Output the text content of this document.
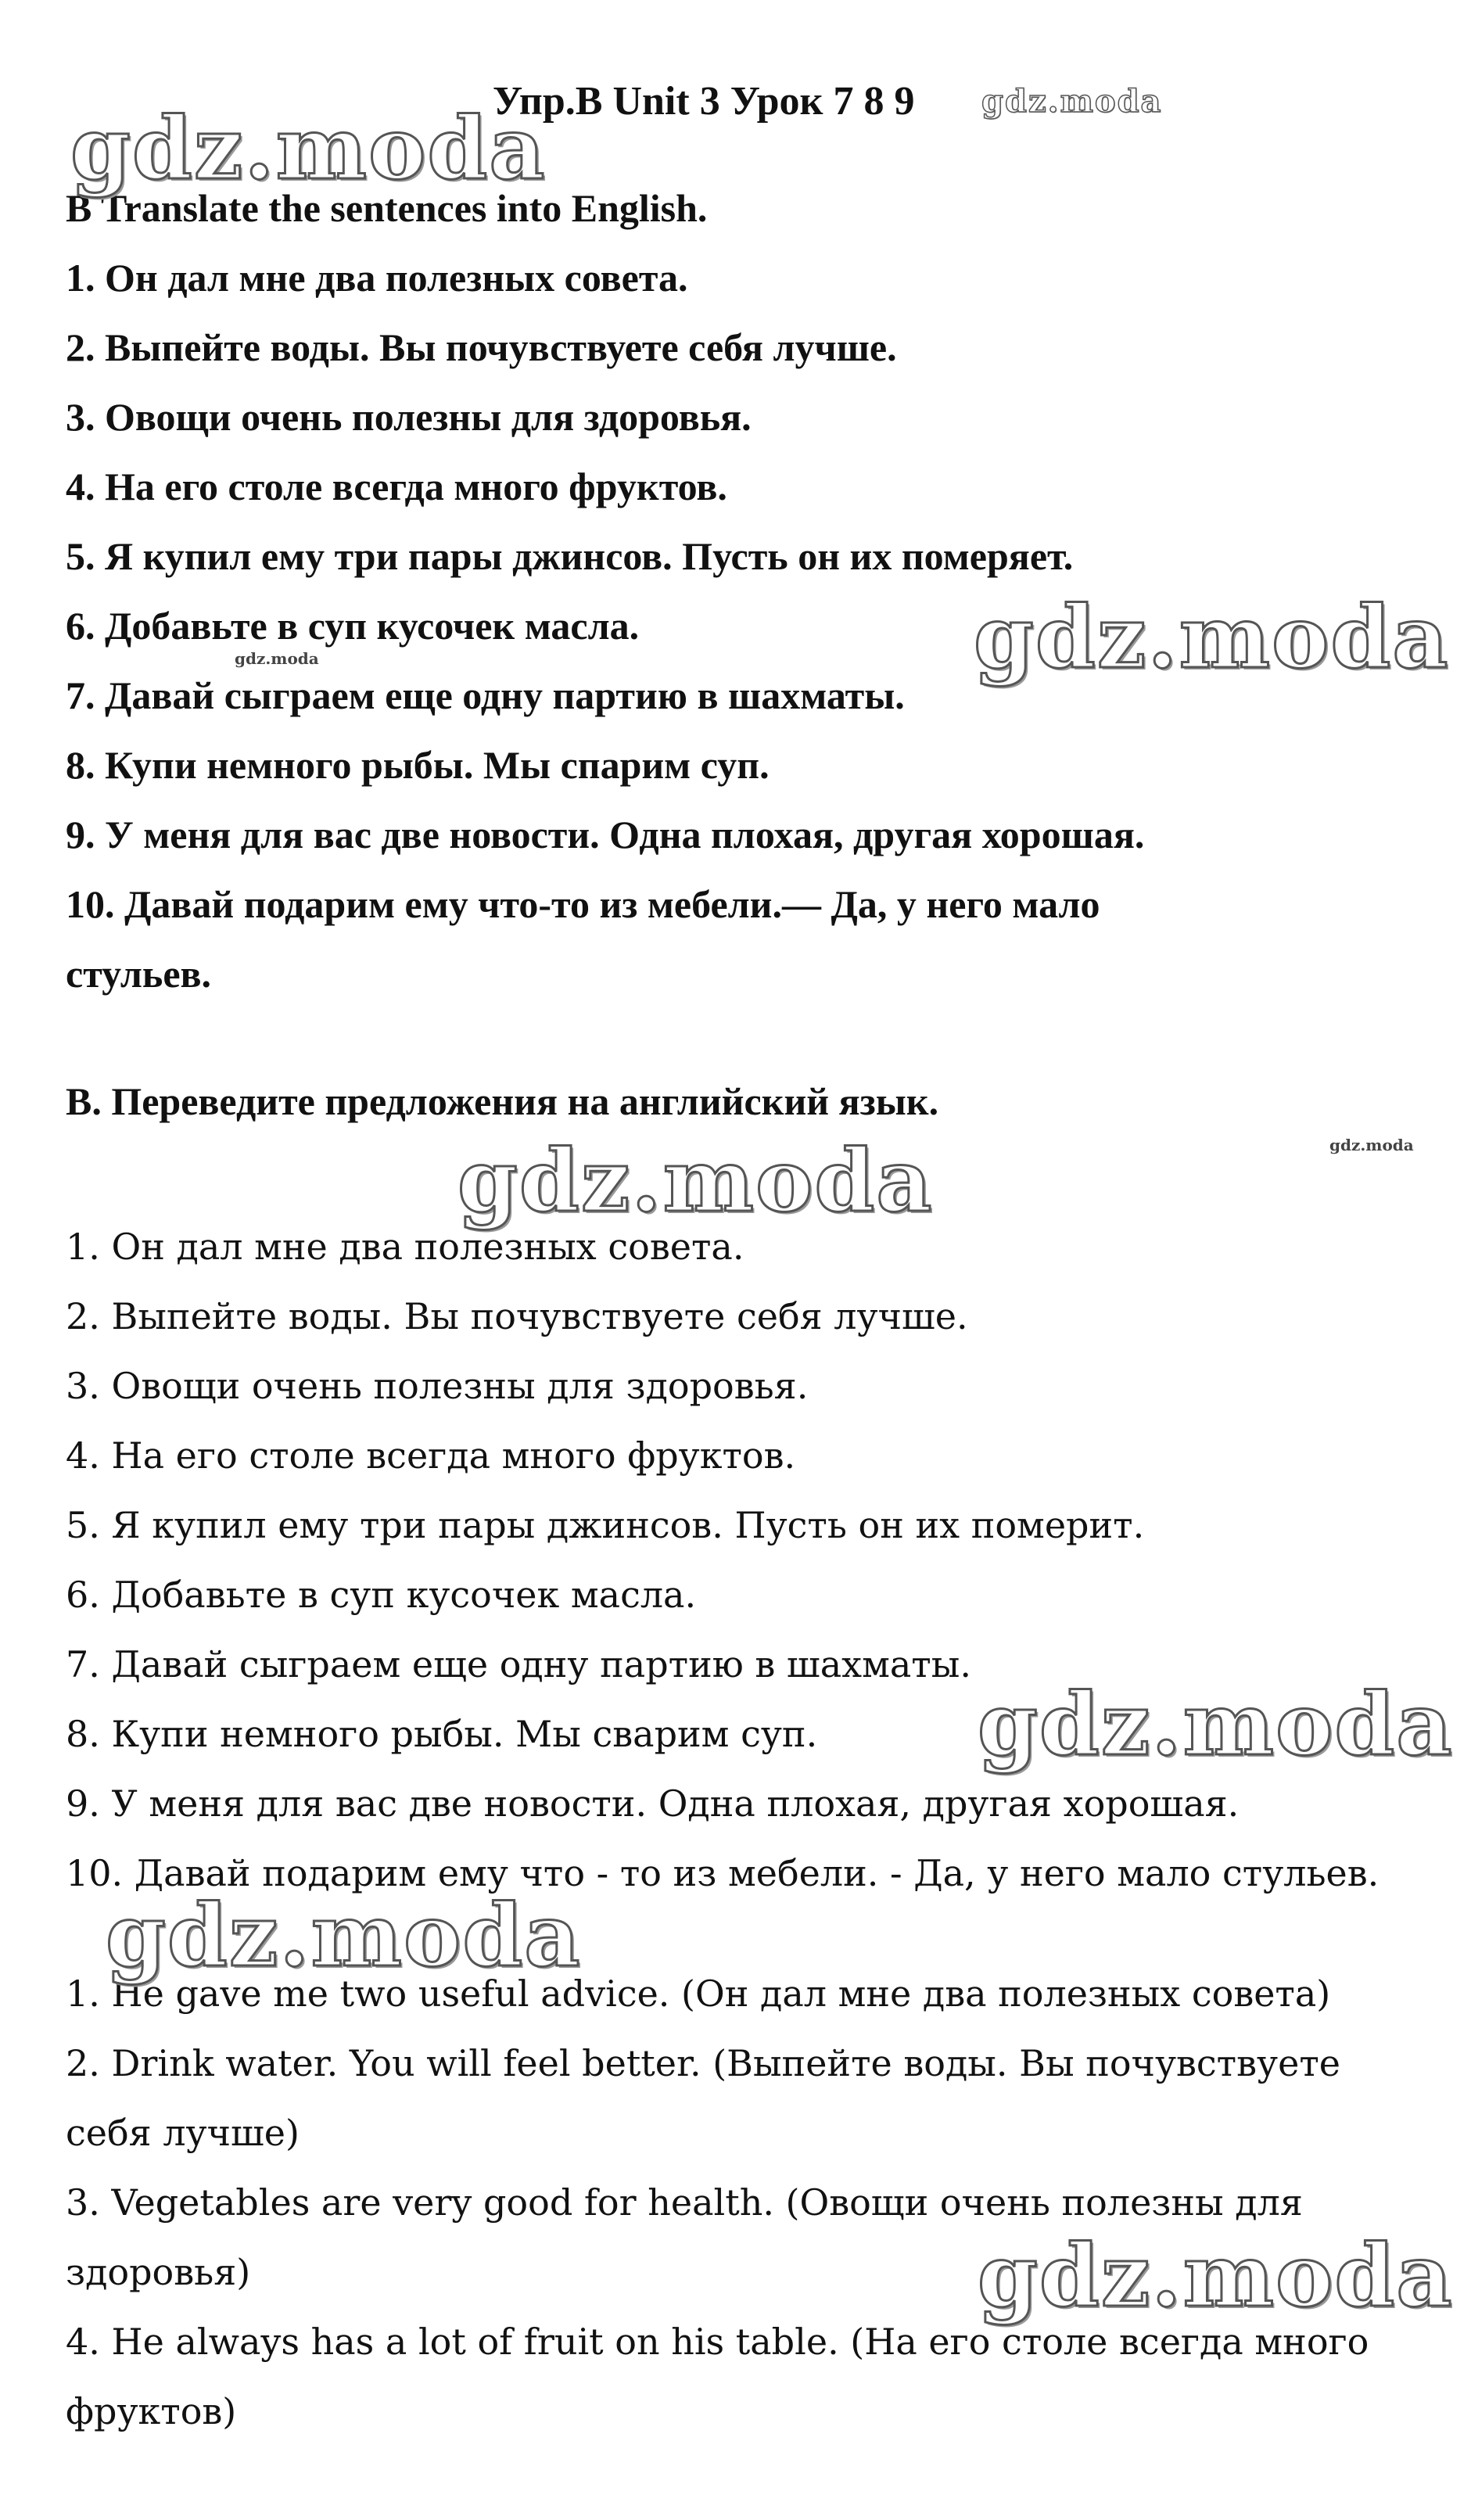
Упр.B Unit 3 Урок 7 8 9
B Translate the sentences into English.
1. Он дал мне два полезных совета.
2. Выпейте воды. Вы почувствуете себя лучше.
3. Овощи очень полезны для здоровья.
4. На его столе всегда много фруктов.
5. Я купил ему три пары джинсов. Пусть он их померяет.
6. Добавьте в суп кусочек масла.
7. Давай сыграем еще одну партию в шахматы.
8. Купи немного рыбы. Мы спарим суп.
9. У меня для вас две новости. Одна плохая, другая хорошая.
10. Давай подарим ему что-то из мебели.— Да, у него мало
стульев.
B. Переведите предложения на английский язык.
1. Он дал мне два полезных совета.
2. Выпейте воды. Вы почувствуете себя лучше.
3. Овощи очень полезны для здоровья.
4. На его столе всегда много фруктов.
5. Я купил ему три пары джинсов. Пусть он их померит.
6. Добавьте в суп кусочек масла.
7. Давай сыграем еще одну партию в шахматы.
8. Купи немного рыбы. Мы сварим суп.
9. У меня для вас две новости. Одна плохая, другая хорошая.
10. Давай подарим ему что - то из мебели. - Да, у него мало стульев.
1. He gave me two useful advice. (Он дал мне два полезных совета)
2. Drink water. You will feel better. (Выпейте воды. Вы почувствуете
себя лучше)
3. Vegetables are very good for health. (Овощи очень полезны для
здоровья)
4. He always has a lot of fruit on his table. (На его столе всегда много
фруктов)
gdz.moda	gdz.moda
gdz.moda
gdz.moda
gdz.moda
gdz.moda
gdz.moda
gdz.moda
gdz.moda
